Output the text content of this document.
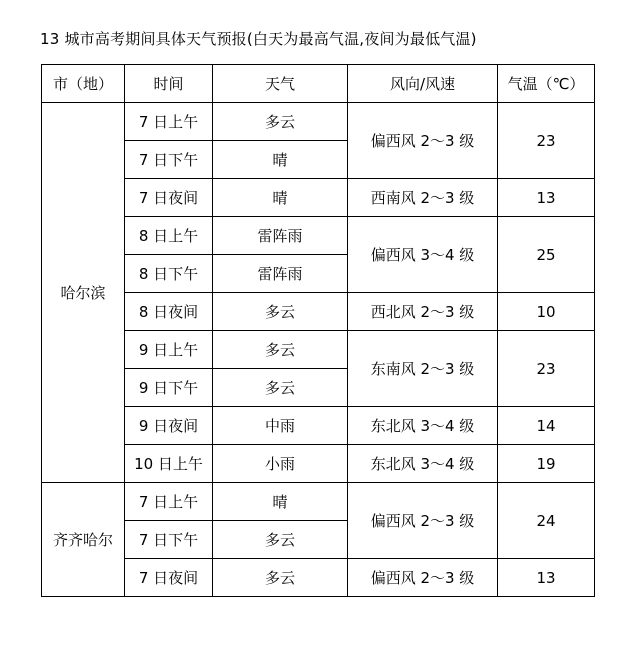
13 城市高考期间具体天气预报(白天为最高气温,夜间为最低气温)
市（地）	时间	天气	风向/风速	气温（℃）
哈尔滨	7 日上午	多云	偏西风 2～3 级	23
	7 日下午	晴		
	7 日夜间	晴	西南风 2～3 级	13
	8 日上午	雷阵雨	偏西风 3～4 级	25
	8 日下午	雷阵雨		
	8 日夜间	多云	西北风 2～3 级	10
	9 日上午	多云	东南风 2～3 级	23
	9 日下午	多云		
	9 日夜间	中雨	东北风 3～4 级	14
	10 日上午	小雨	东北风 3～4 级	19
齐齐哈尔	7 日上午	晴	偏西风 2～3 级	24
	7 日下午	多云		
	7 日夜间	多云	偏西风 2～3 级	13
